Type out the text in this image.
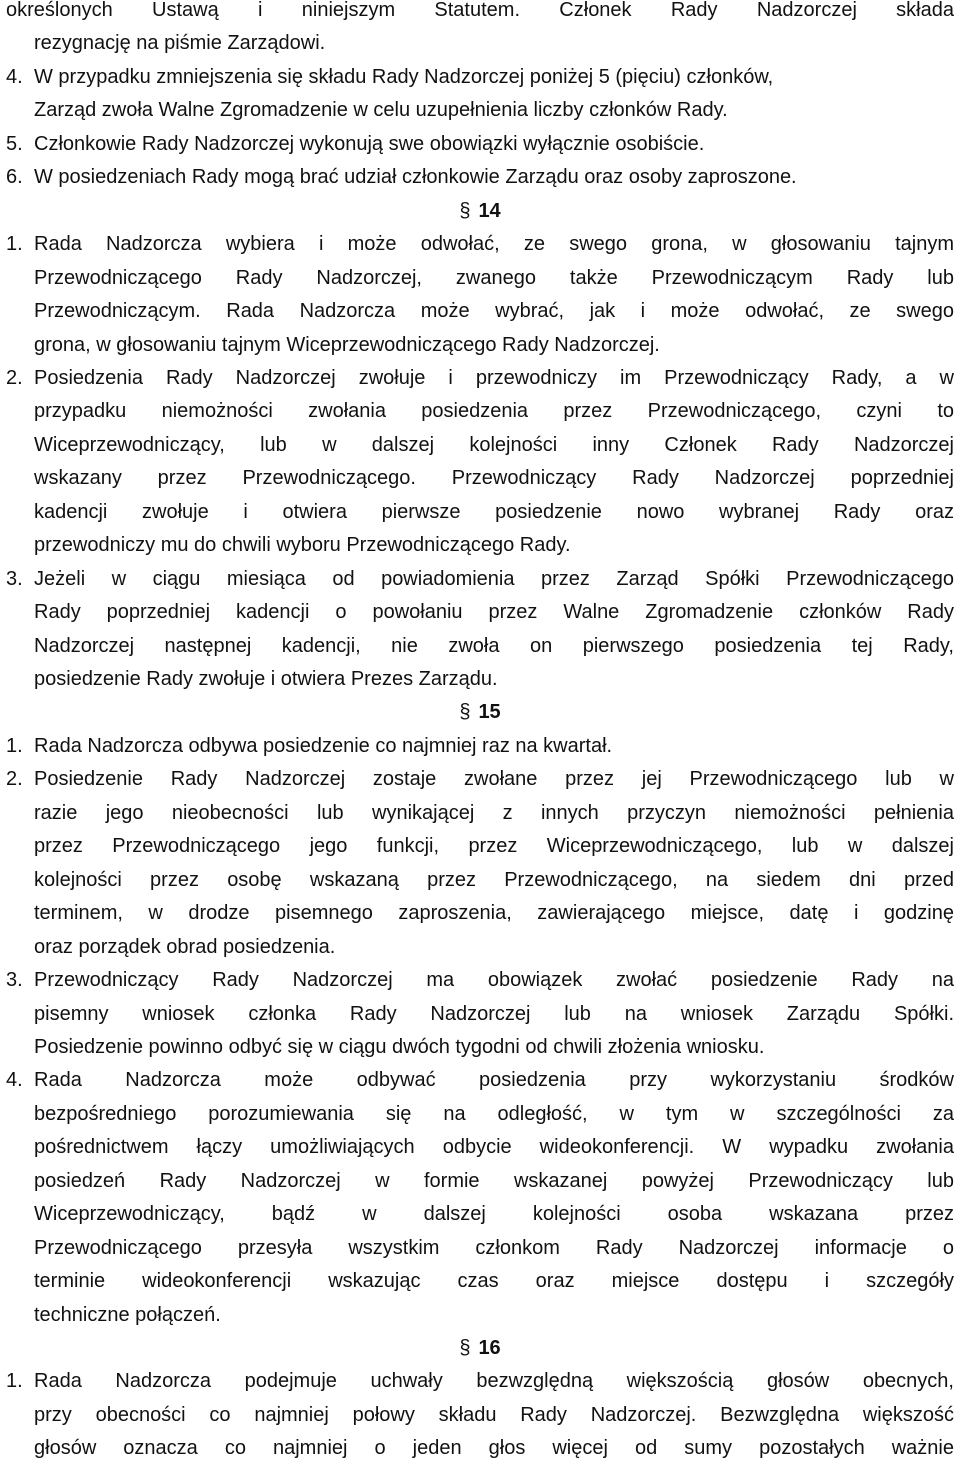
określonych Ustawą i niniejszym Statutem. Członek Rady Nadzorczej składa
rezygnację na piśmie Zarządowi.
4. W przypadku zmniejszenia się składu Rady Nadzorczej poniżej 5 (pięciu) członków,
Zarząd zwoła Walne Zgromadzenie w celu uzupełnienia liczby członków Rady.
5. Członkowie Rady Nadzorczej wykonują swe obowiązki wyłącznie osobiście.
6. W posiedzeniach Rady mogą brać udział członkowie Zarządu oraz osoby zaproszone.
§ 14
1. Rada Nadzorcza wybiera i może odwołać, ze swego grona, w głosowaniu tajnym
Przewodniczącego Rady Nadzorczej, zwanego także Przewodniczącym Rady lub
Przewodniczącym. Rada Nadzorcza może wybrać, jak i może odwołać, ze swego
grona, w głosowaniu tajnym Wiceprzewodniczącego Rady Nadzorczej.
2. Posiedzenia Rady Nadzorczej zwołuje i przewodniczy im Przewodniczący Rady, a w
przypadku niemożności zwołania posiedzenia przez Przewodniczącego, czyni to
Wiceprzewodniczący, lub w dalszej kolejności inny Członek Rady Nadzorczej
wskazany przez Przewodniczącego. Przewodniczący Rady Nadzorczej poprzedniej
kadencji zwołuje i otwiera pierwsze posiedzenie nowo wybranej Rady oraz
przewodniczy mu do chwili wyboru Przewodniczącego Rady.
3. Jeżeli w ciągu miesiąca od powiadomienia przez Zarząd Spółki Przewodniczącego
Rady poprzedniej kadencji o powołaniu przez Walne Zgromadzenie członków Rady
Nadzorczej następnej kadencji, nie zwoła on pierwszego posiedzenia tej Rady,
posiedzenie Rady zwołuje i otwiera Prezes Zarządu.
§ 15
1. Rada Nadzorcza odbywa posiedzenie co najmniej raz na kwartał.
2. Posiedzenie Rady Nadzorczej zostaje zwołane przez jej Przewodniczącego lub w
razie jego nieobecności lub wynikającej z innych przyczyn niemożności pełnienia
przez Przewodniczącego jego funkcji, przez Wiceprzewodniczącego, lub w dalszej
kolejności przez osobę wskazaną przez Przewodniczącego, na siedem dni przed
terminem, w drodze pisemnego zaproszenia, zawierającego miejsce, datę i godzinę
oraz porządek obrad posiedzenia.
3. Przewodniczący Rady Nadzorczej ma obowiązek zwołać posiedzenie Rady na
pisemny wniosek członka Rady Nadzorczej lub na wniosek Zarządu Spółki.
Posiedzenie powinno odbyć się w ciągu dwóch tygodni od chwili złożenia wniosku.
4. Rada Nadzorcza może odbywać posiedzenia przy wykorzystaniu środków
bezpośredniego porozumiewania się na odległość, w tym w szczególności za
pośrednictwem łączy umożliwiających odbycie wideokonferencji. W wypadku zwołania
posiedzeń Rady Nadzorczej w formie wskazanej powyżej Przewodniczący lub
Wiceprzewodniczący, bądź w dalszej kolejności osoba wskazana przez
Przewodniczącego przesyła wszystkim członkom Rady Nadzorczej informacje o
terminie wideokonferencji wskazując czas oraz miejsce dostępu i szczegóły
techniczne połączeń.
§ 16
1. Rada Nadzorcza podejmuje uchwały bezwzględną większością głosów obecnych,
przy obecności co najmniej połowy składu Rady Nadzorczej. Bezwzględna większość
głosów oznacza co najmniej o jeden głos więcej od sumy pozostałych ważnie
